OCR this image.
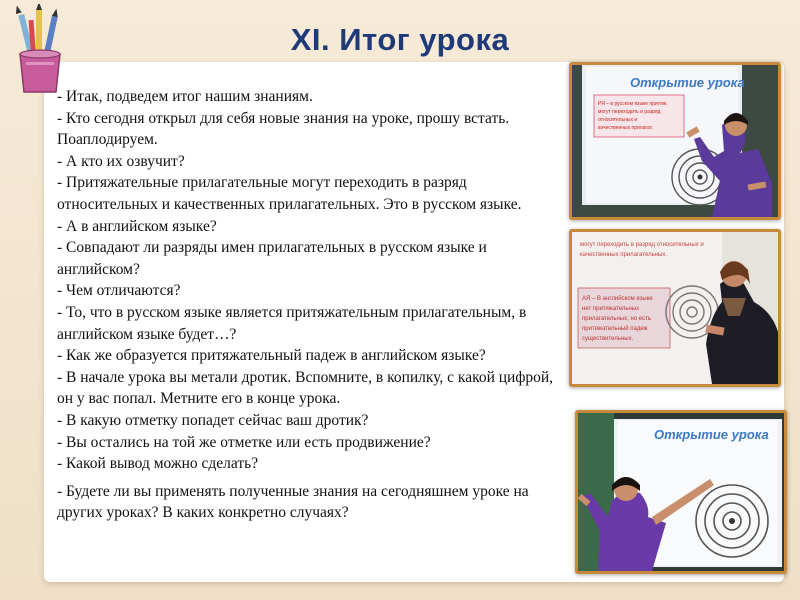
XI. Итог урока

- Итак, подведем итог нашим знаниям.

- Кто сегодня открыл для себя новые знания на уроке, прошу встать. Поаплодируем.

- А кто их озвучит?

- Притяжательные прилагательные могут переходить в разряд относительных и качественных прилагательных. Это в русском языке.

- А в английском языке?

- Совпадают ли разряды имен прилагательных в русском языке и английском?

- Чем отличаются?

- То, что в русском языке является притяжательным прилагательным, в английском языке будет…?

- Как же образуется притяжательный падеж в английском языке?

- В начале урока вы метали дротик. Вспомните, в копилку, с какой цифрой, он у вас попал. Метните его в конце урока.

- В какую отметку попадет сейчас ваш дротик?

- Вы остались на той же отметке или есть продвижение?

- Какой вывод можно сделать?

- Будете ли вы применять полученные знания на сегодняшнем уроке на других уроках? В каких конкретно случаях?

Открытие урока
РЯ – в русском языке притяж.
могут переходить в разряд
относительных и
качественных прилагат.
могут переходить в разряд относительных и
качественных прилагательных.
АЯ – В английском языке
нет притяжательных
прилагательных, но есть
притяжательный падеж
существительных.
Открытие урока
